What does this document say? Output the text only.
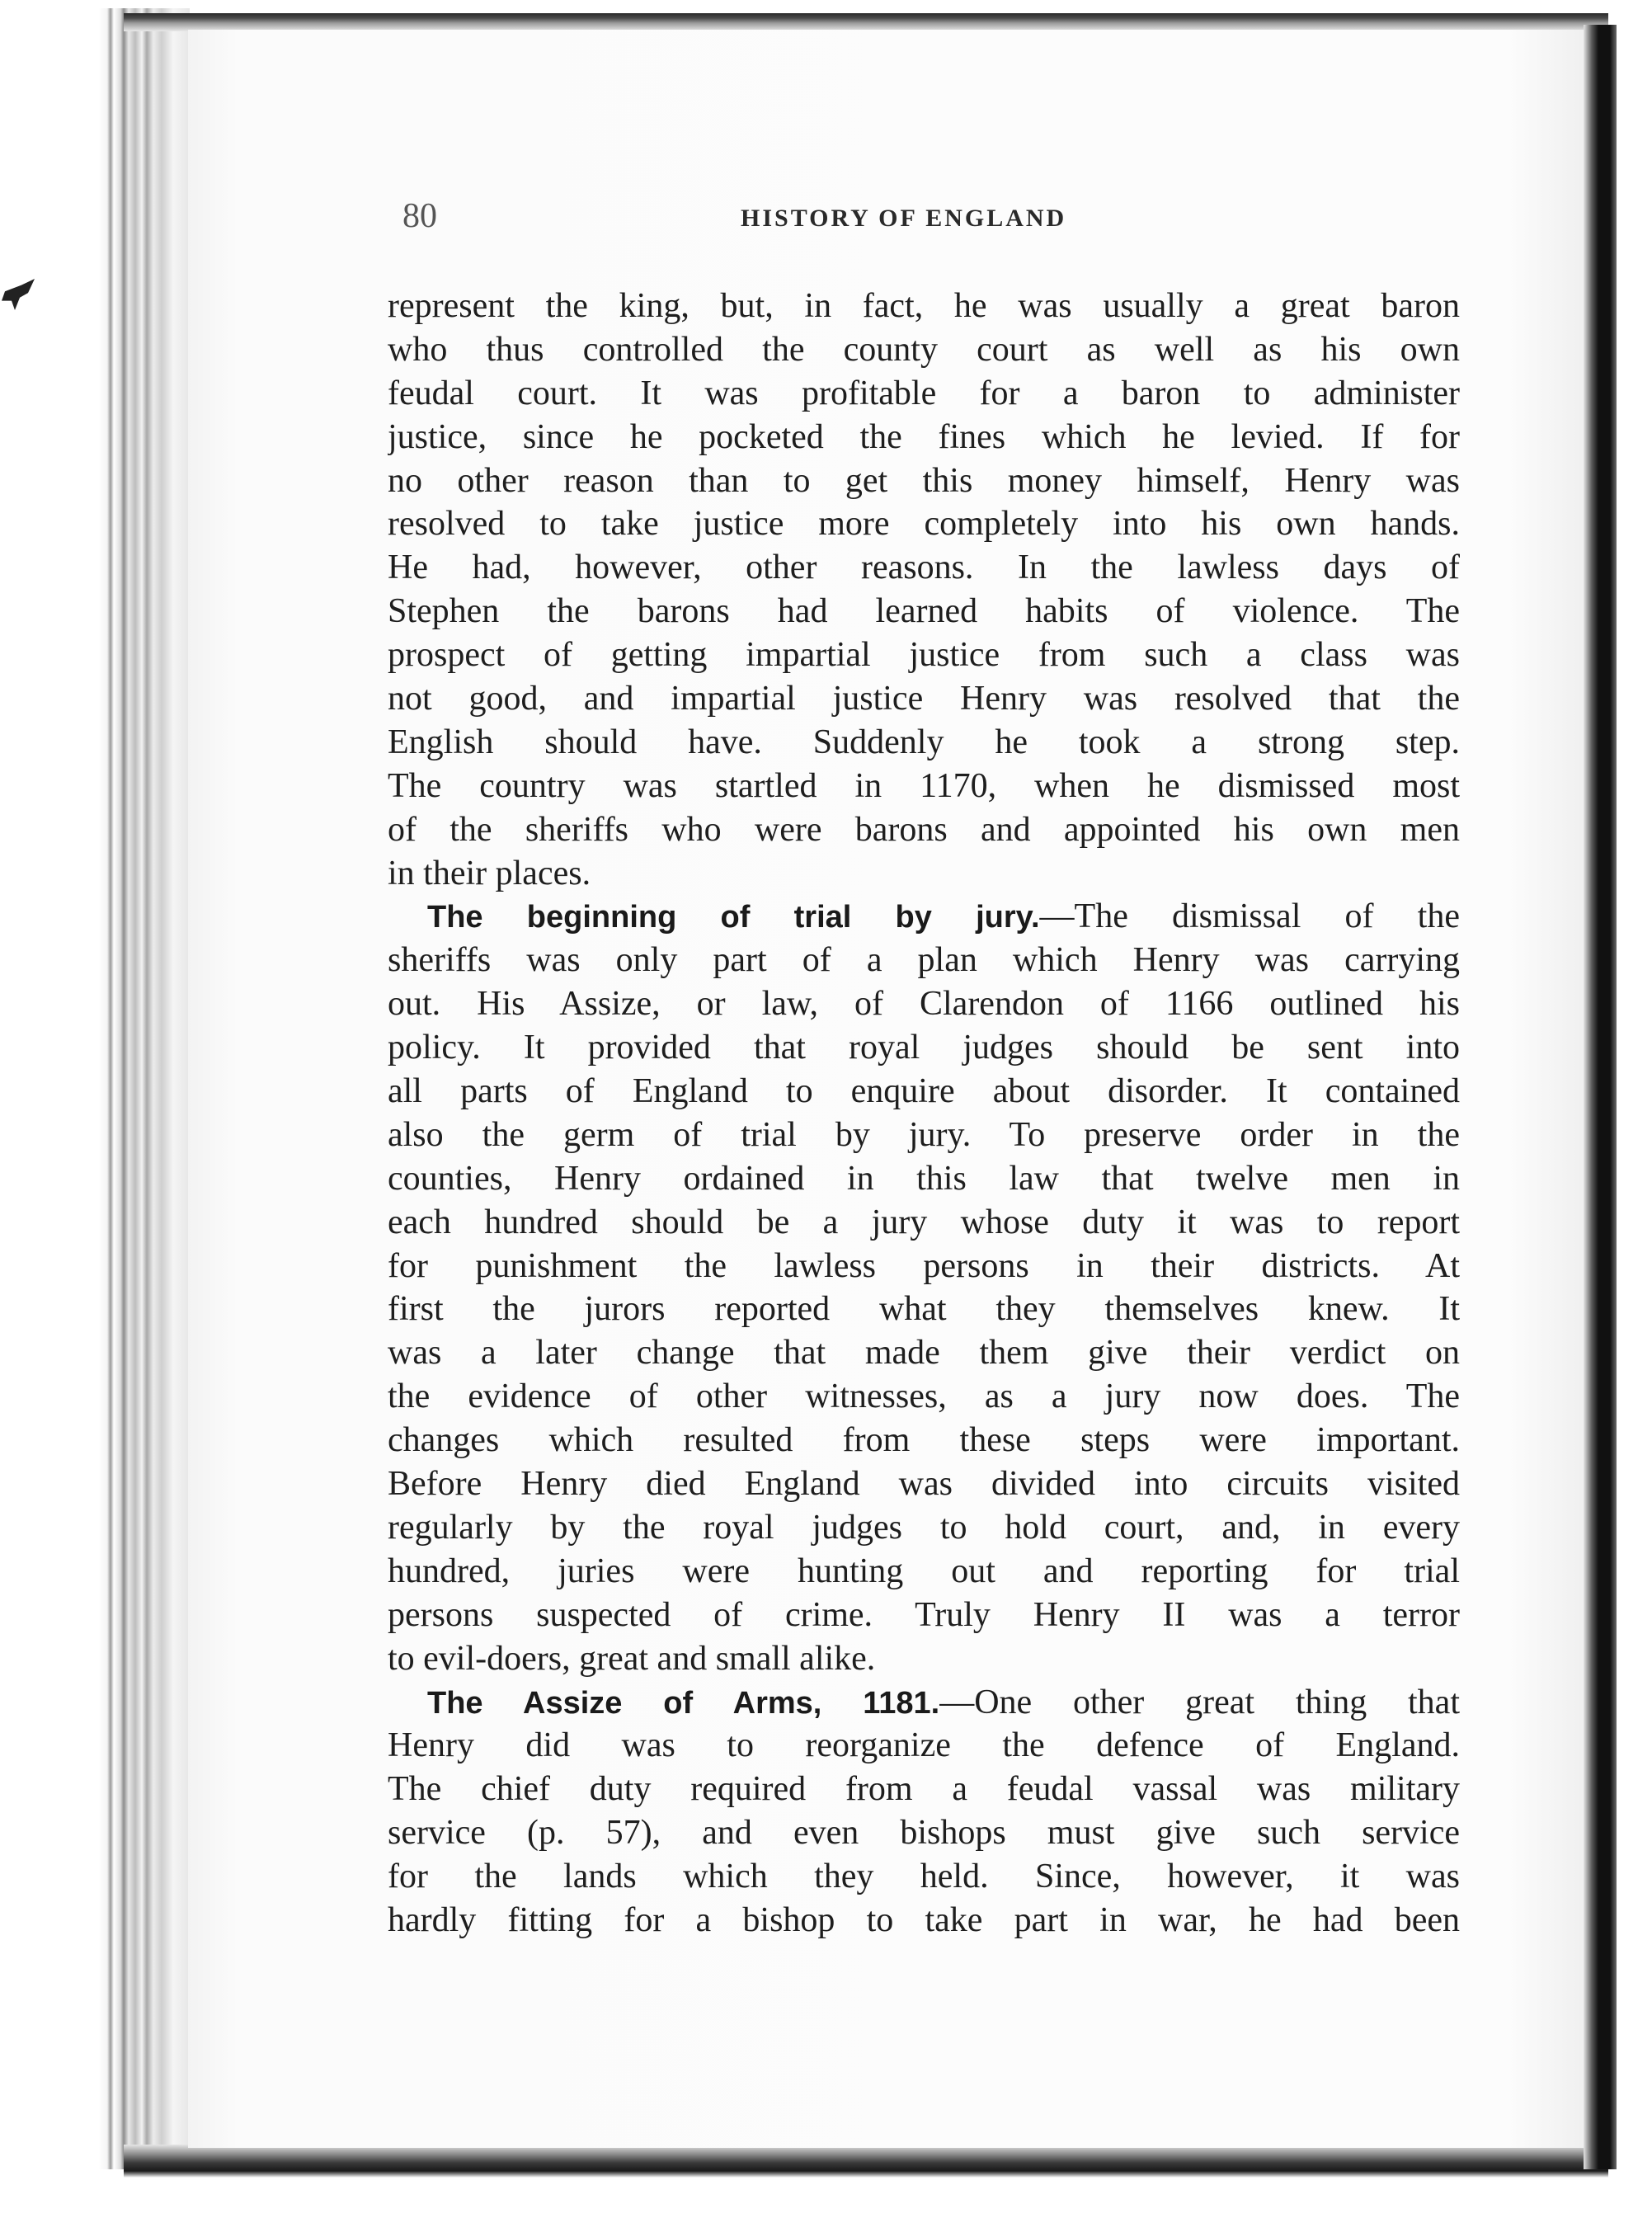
80	HISTORY OF ENGLAND
represent the king, but, in fact, he was usually a great baron
who thus controlled the county court as well as his own
feudal court. It was profitable for a baron to administer
justice, since he pocketed the fines which he levied. If for
no other reason than to get this money himself, Henry was
resolved to take justice more completely into his own hands.
He had, however, other reasons. In the lawless days of
Stephen the barons had learned habits of violence. The
prospect of getting impartial justice from such a class was
not good, and impartial justice Henry was resolved that the
English should have. Suddenly he took a strong step.
The country was startled in 1170, when he dismissed most
of the sheriffs who were barons and appointed his own men
in their places.
The beginning of trial by jury.—The dismissal of the
sheriffs was only part of a plan which Henry was carrying
out. His Assize, or law, of Clarendon of 1166 outlined his
policy. It provided that royal judges should be sent into
all parts of England to enquire about disorder. It contained
also the germ of trial by jury. To preserve order in the
counties, Henry ordained in this law that twelve men in
each hundred should be a jury whose duty it was to report
for punishment the lawless persons in their districts. At
first the jurors reported what they themselves knew. It
was a later change that made them give their verdict on
the evidence of other witnesses, as a jury now does. The
changes which resulted from these steps were important.
Before Henry died England was divided into circuits visited
regularly by the royal judges to hold court, and, in every
hundred, juries were hunting out and reporting for trial
persons suspected of crime. Truly Henry II was a terror
to evil-doers, great and small alike.
The Assize of Arms, 1181.—One other great thing that
Henry did was to reorganize the defence of England.
The chief duty required from a feudal vassal was military
service (p. 57), and even bishops must give such service
for the lands which they held. Since, however, it was
hardly fitting for a bishop to take part in war, he had been
